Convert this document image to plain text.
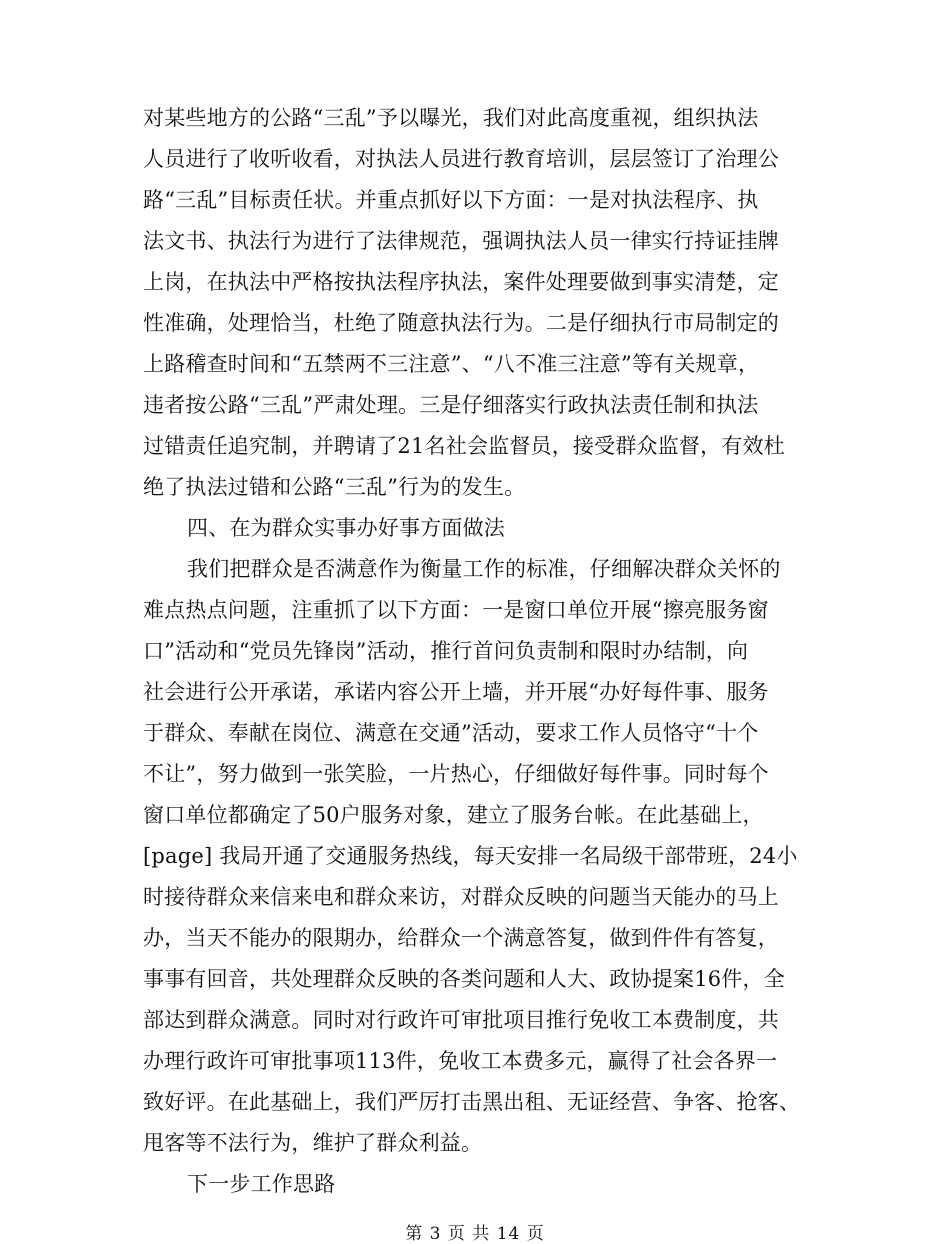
对某些地方的公路“三乱”予以曝光，我们对此高度重视，组织执法
人员进行了收听收看，对执法人员进行教育培训，层层签订了治理公
路“三乱”目标责任状。并重点抓好以下方面：一是对执法程序、执
法文书、执法行为进行了法律规范，强调执法人员一律实行持证挂牌
上岗，在执法中严格按执法程序执法，案件处理要做到事实清楚，定
性准确，处理恰当，杜绝了随意执法行为。二是仔细执行市局制定的
上路稽查时间和“五禁两不三注意”、“八不准三注意”等有关规章，
违者按公路“三乱”严肃处理。三是仔细落实行政执法责任制和执法
过错责任追究制，并聘请了21名社会监督员，接受群众监督，有效杜
绝了执法过错和公路“三乱”行为的发生。
四、在为群众实事办好事方面做法
我们把群众是否满意作为衡量工作的标准，仔细解决群众关怀的
难点热点问题，注重抓了以下方面：一是窗口单位开展“擦亮服务窗
口”活动和“党员先锋岗”活动，推行首问负责制和限时办结制，向
社会进行公开承诺，承诺内容公开上墙，并开展“办好每件事、服务
于群众、奉献在岗位、满意在交通”活动，要求工作人员恪守“十个
不让”，努力做到一张笑脸，一片热心，仔细做好每件事。同时每个
窗口单位都确定了50户服务对象，建立了服务台帐。在此基础上，
[page] 我局开通了交通服务热线，每天安排一名局级干部带班，24小
时接待群众来信来电和群众来访，对群众反映的问题当天能办的马上
办，当天不能办的限期办，给群众一个满意答复，做到件件有答复，
事事有回音，共处理群众反映的各类问题和人大、政协提案16件，全
部达到群众满意。同时对行政许可审批项目推行免收工本费制度，共
办理行政许可审批事项113件，免收工本费多元，赢得了社会各界一
致好评。在此基础上，我们严厉打击黑出租、无证经营、争客、抢客、
甩客等不法行为，维护了群众利益。
下一步工作思路
第 3 页 共 14 页
